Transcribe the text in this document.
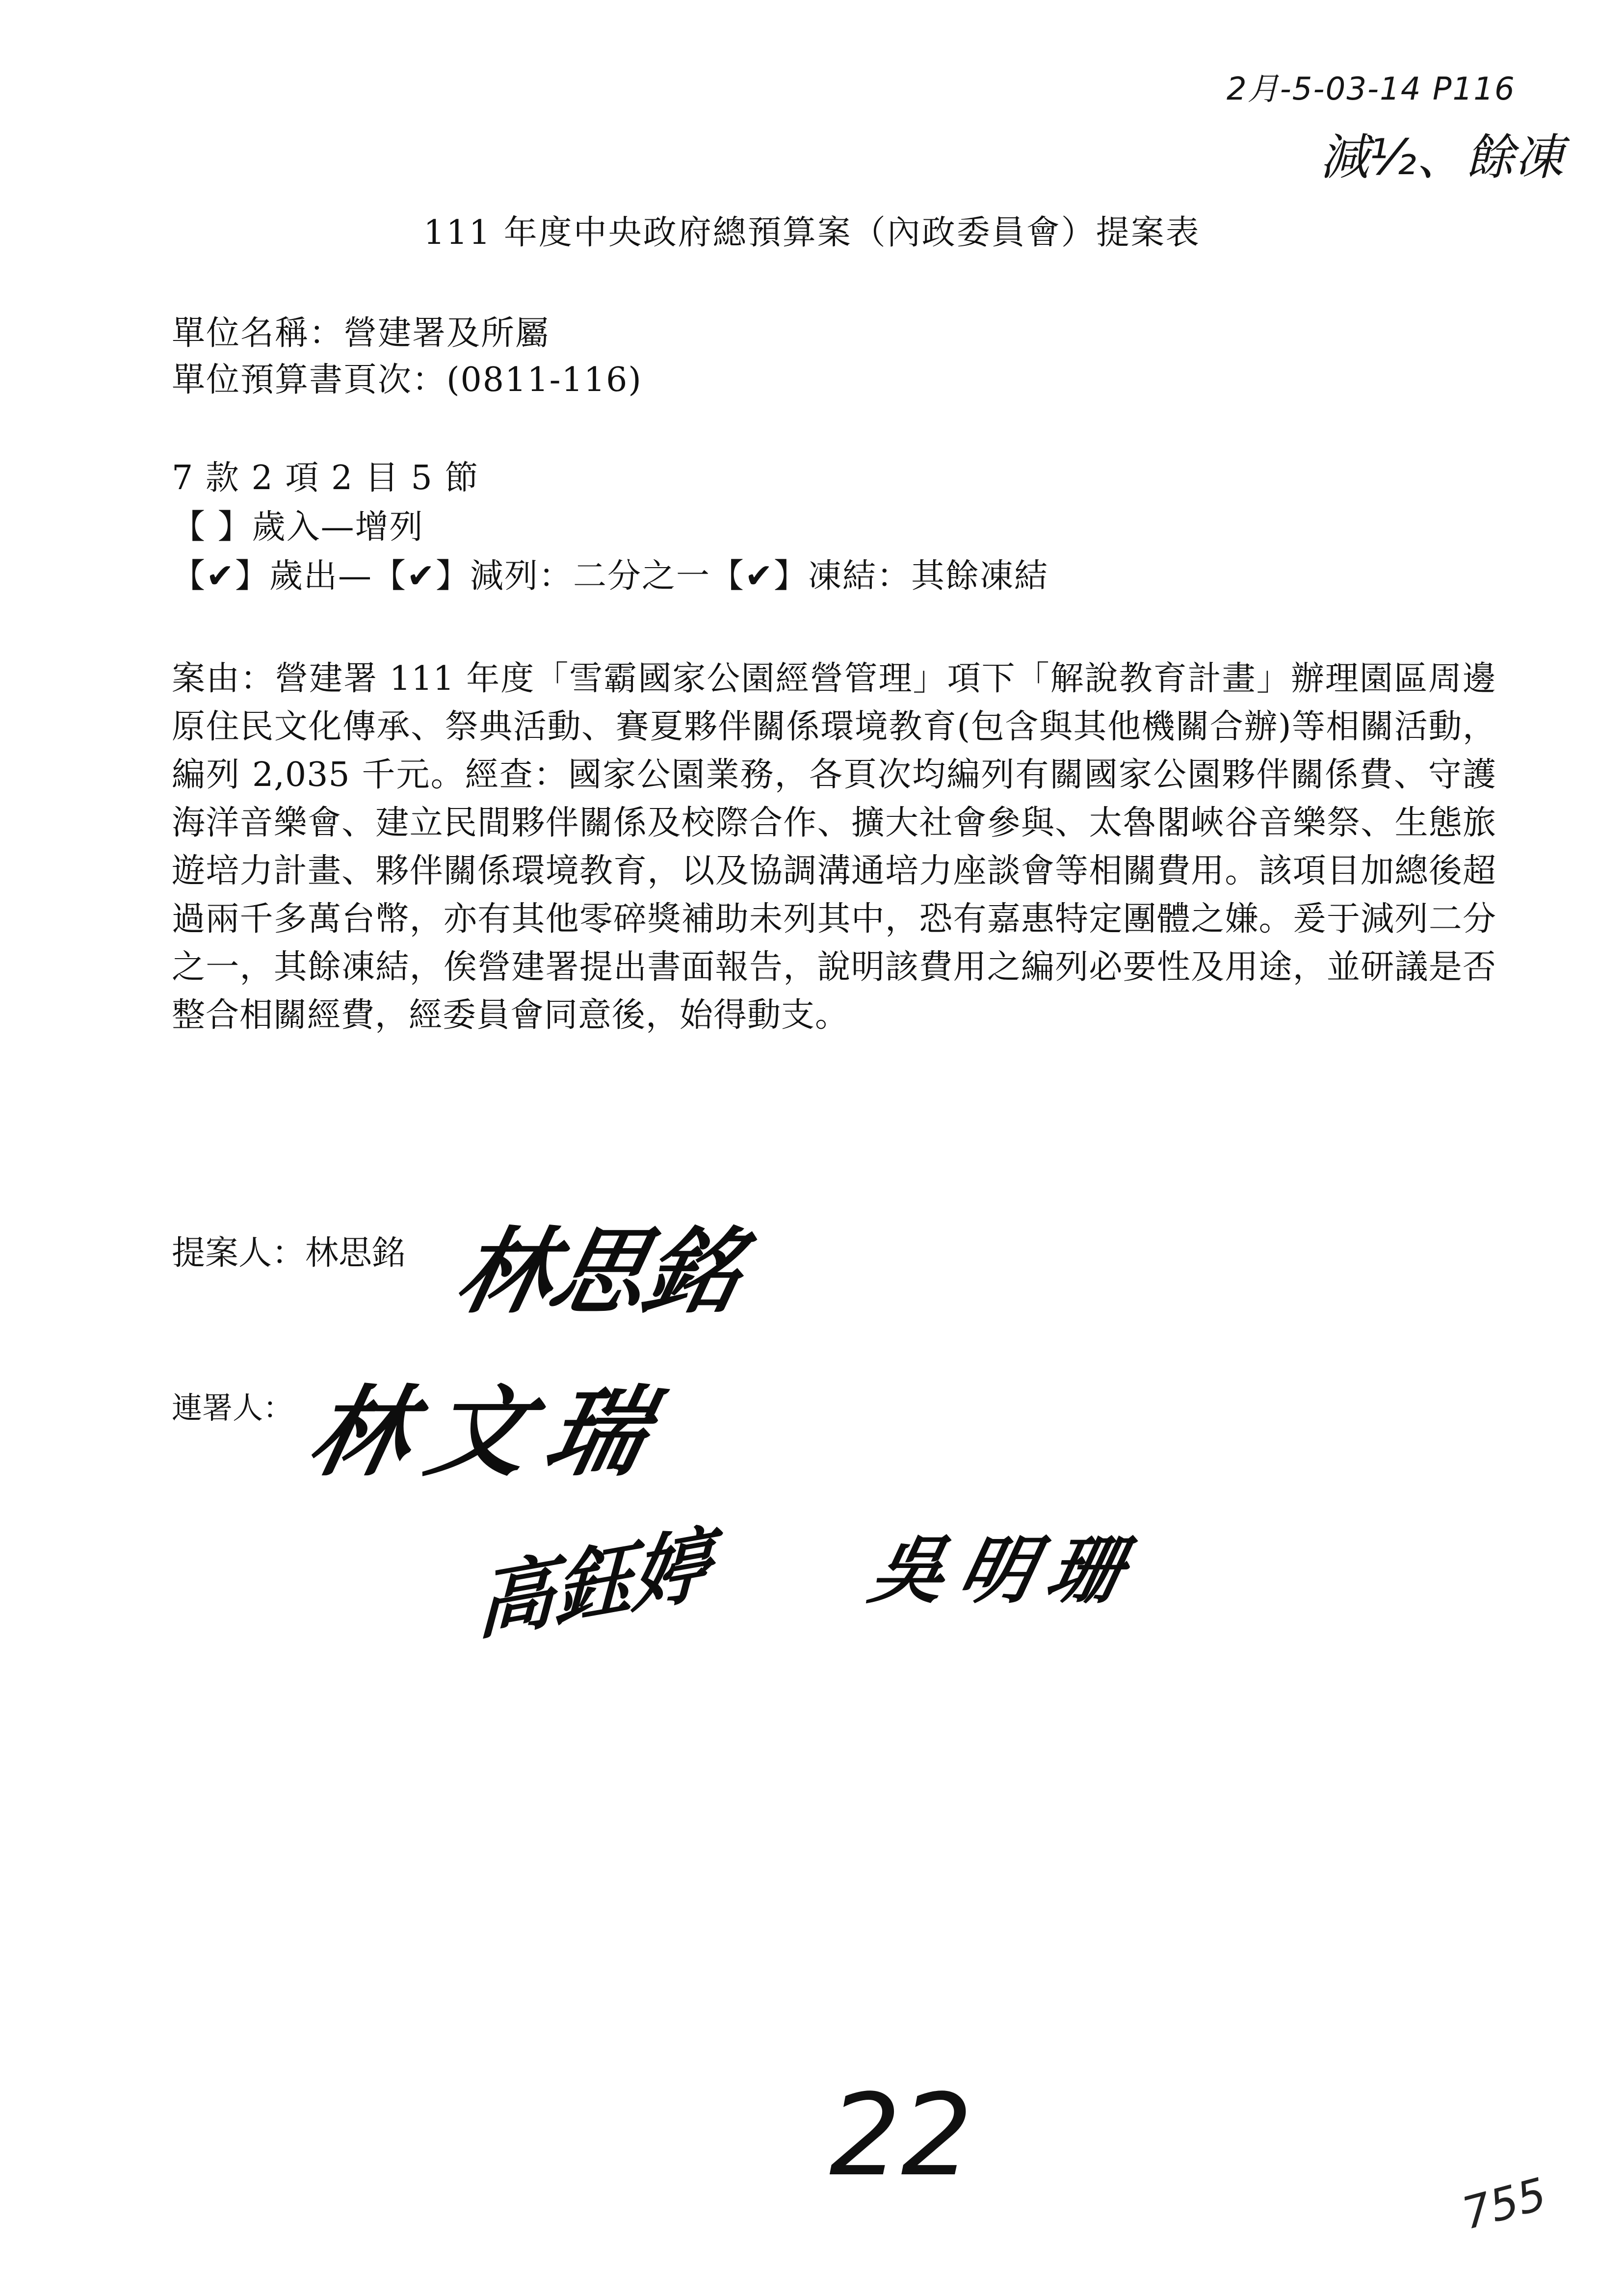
2月-5-03-14 P116
減½、餘凍
111 年度中央政府總預算案（內政委員會）提案表
單位名稱：營建署及所屬
單位預算書頁次：(0811-116)
7 款 2 項 2 目 5 節
【 】歲入—增列
【✔】歲出—【✔】減列：二分之一【✔】凍結：其餘凍結
案由：營建署 111 年度「雪霸國家公園經營管理」項下「解說教育計畫」辦理園區周邊原住民文化傳承、祭典活動、賽夏夥伴關係環境教育(包含與其他機關合辦)等相關活動，編列 2,035 千元。經查：國家公園業務，各頁次均編列有關國家公園夥伴關係費、守護海洋音樂會、建立民間夥伴關係及校際合作、擴大社會參與、太魯閣峽谷音樂祭、生態旅遊培力計畫、夥伴關係環境教育，以及協調溝通培力座談會等相關費用。該項目加總後超過兩千多萬台幣，亦有其他零碎獎補助未列其中，恐有嘉惠特定團體之嫌。爰于減列二分之一，其餘凍結，俟營建署提出書面報告，說明該費用之編列必要性及用途，並研議是否整合相關經費，經委員會同意後，始得動支。
提案人：林思銘 林思銘
連署人： 林文瑞
高鈺婷 吳明珊
22
755
